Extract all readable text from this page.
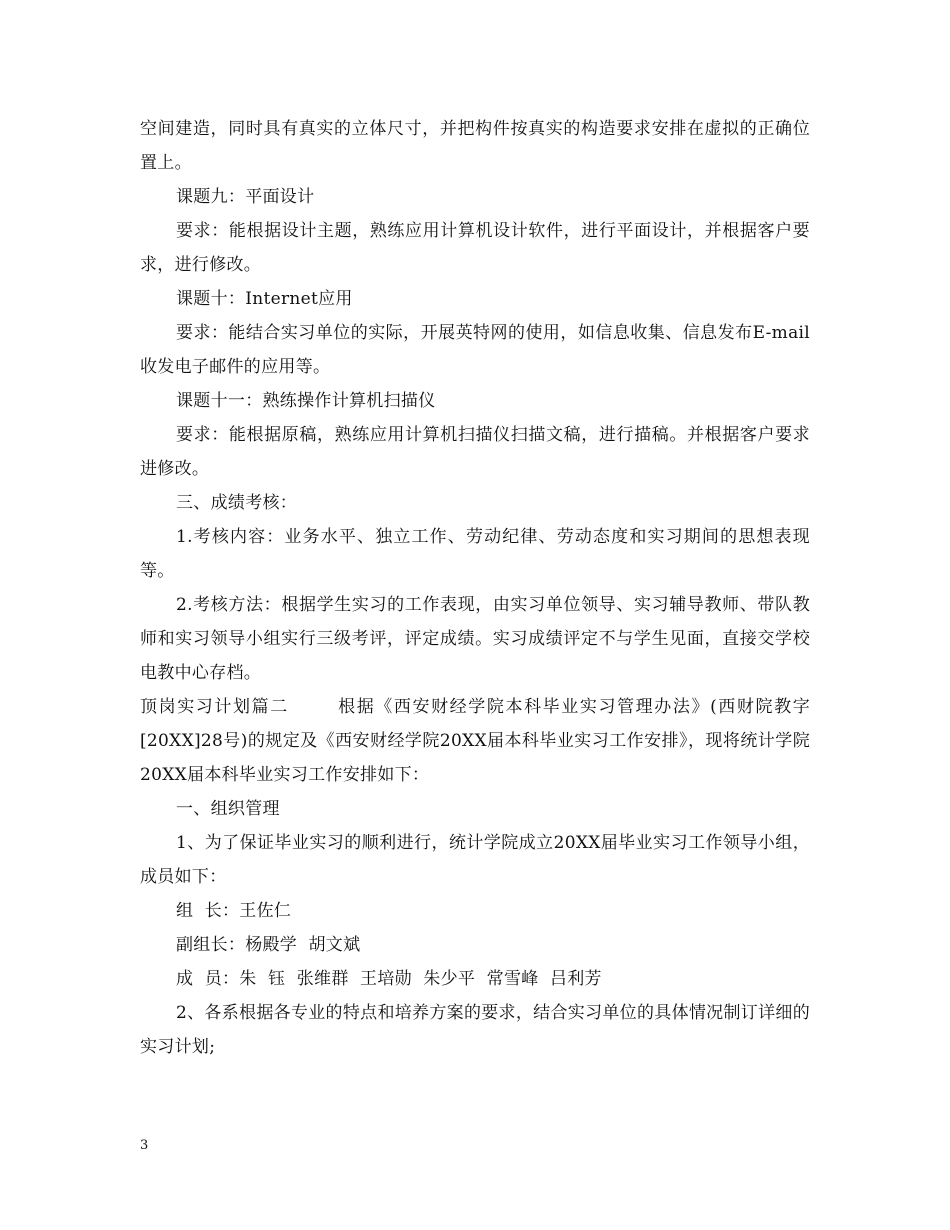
空间建造，同时具有真实的立体尺寸，并把构件按真实的构造要求安排在虚拟的正确位置上。

课题九：平面设计

要求：能根据设计主题，熟练应用计算机设计软件，进行平面设计，并根据客户要求，进行修改。

课题十：Internet应用

要求：能结合实习单位的实际，开展英特网的使用，如信息收集、信息发布E-mail收发电子邮件的应用等。

课题十一：熟练操作计算机扫描仪

要求：能根据原稿，熟练应用计算机扫描仪扫描文稿，进行描稿。并根据客户要求进修改。

三、成绩考核：

1.考核内容：业务水平、独立工作、劳动纪律、劳动态度和实习期间的思想表现等。

2.考核方法：根据学生实习的工作表现，由实习单位领导、实习辅导教师、带队教师和实习领导小组实行三级考评，评定成绩。实习成绩评定不与学生见面，直接交学校电教中心存档。

顶岗实习计划篇二	根据《西安财经学院本科毕业实习管理办法》(西财院教字[20XX]28号)的规定及《西安财经学院20XX届本科毕业实习工作安排》，现将统计学院20XX届本科毕业实习工作安排如下：

一、组织管理

1、为了保证毕业实习的顺利进行，统计学院成立20XX届毕业实习工作领导小组，成员如下：

组  长：王佐仁

副组长：杨殿学  胡文斌

成  员：朱  钰  张维群  王培勋  朱少平  常雪峰  吕利芳

2、各系根据各专业的特点和培养方案的要求，结合实习单位的具体情况制订详细的实习计划;

3
